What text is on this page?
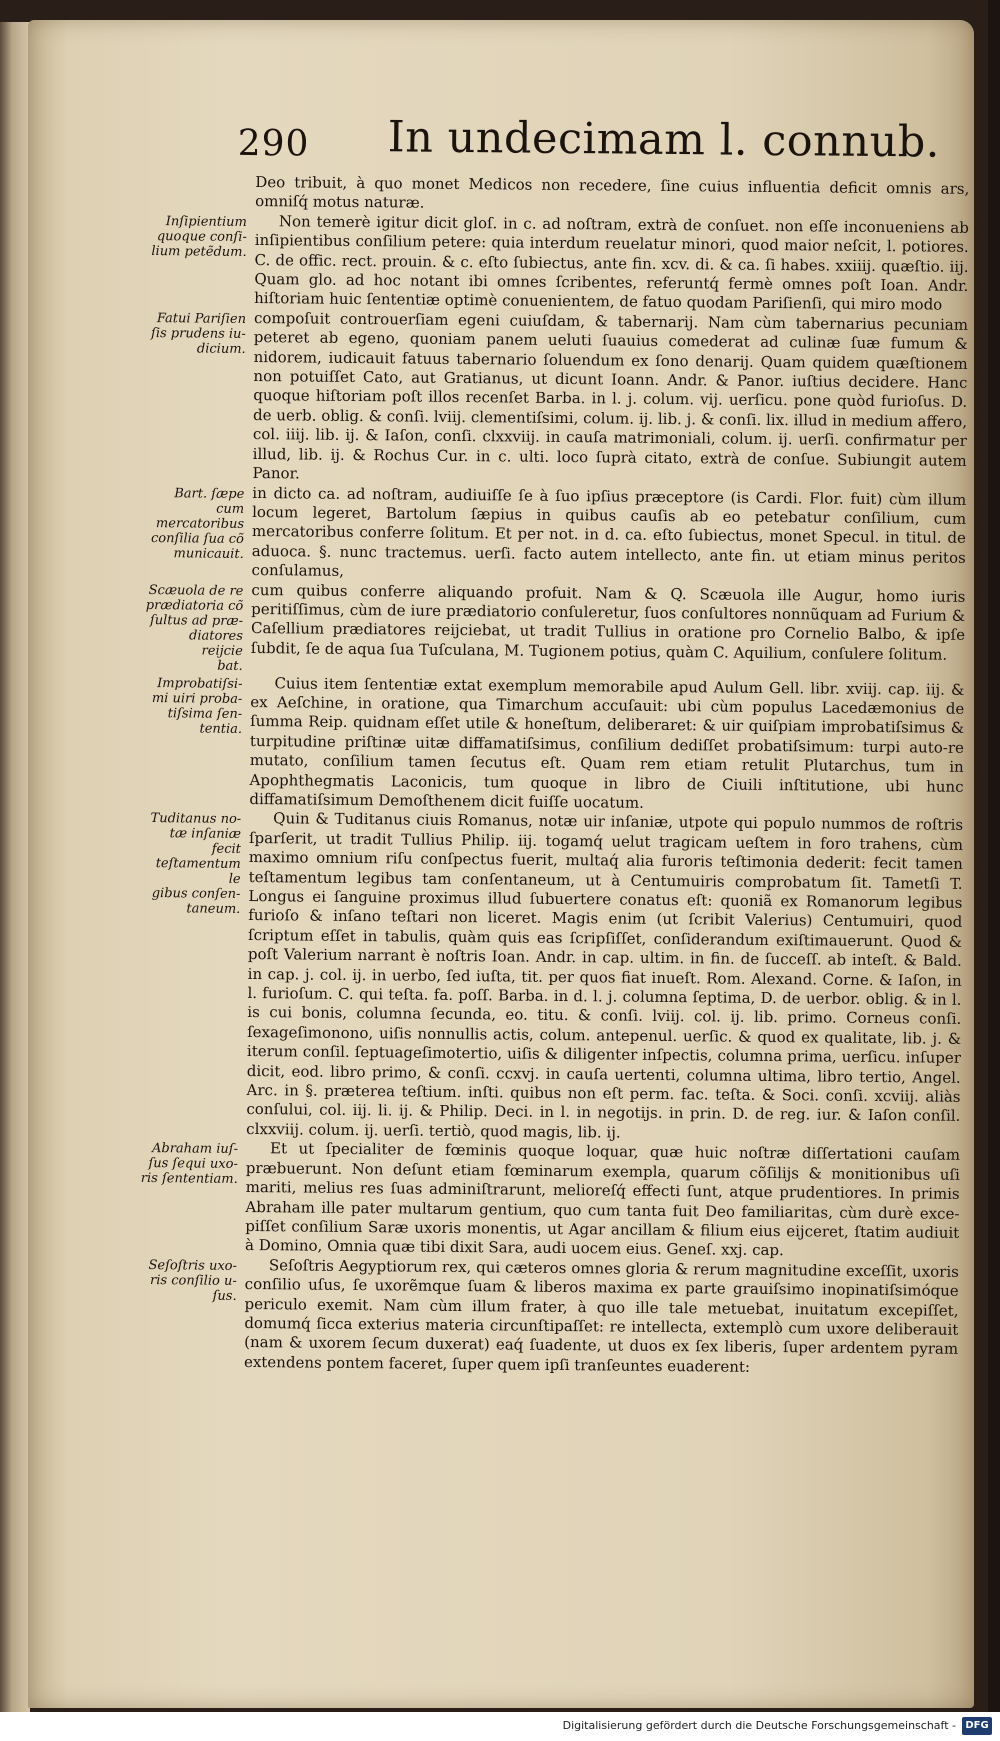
290 In undecimam l. connub.

Deo tribuit, à quo monet Medicos non recedere, ſine cuius influentia deficit omnis ars, omniſq́ motus naturæ.

Inſipientium
quoque conſi-
lium petẽdum.

Non temerè igitur dicit gloſ. in c. ad noſtram, extrà de conſuet. non eſſe inconueniens ab inſipientibus conſilium petere: quia interdum reuelatur minori, quod maior neſcit, l. potiores. C. de offic. rect. prouin. & c. eſto ſubiectus, ante fin. xcv. di. & ca. ſi habes. xxiiij. quæſtio. iij. Quam glo. ad hoc notant ibi omnes ſcribentes, referuntq́ fermè omnes poſt Ioan. Andr. hiſtoriam huic ſententiæ optimè conuenientem, de fatuo quodam Pariſienſi, qui miro modo

Fatui Pariſien
ſis prudens iu-
dicium.

compoſuit controuerſiam egeni cuiuſdam, & tabernarij. Nam cùm tabernarius pecuniam peteret ab egeno, quoniam panem ueluti ſuauius comederat ad culinæ ſuæ fumum & nidorem, iudicauit fatuus tabernario ſoluendum ex ſono denarij. Quam quidem quæſtionem non potuiſſet Cato, aut Gratianus, ut dicunt Ioann. Andr. & Panor. iuſtius decidere. Hanc quoque hiſtoriam poſt illos recenſet Barba. in l. j. colum. vij. uerſicu. pone quòd furioſus. D. de uerb. oblig. & conſi. lviij. clementiſsimi, colum. ij. lib. j. & conſi. lix. illud in medium affero, col. iiij. lib. ij. & Iaſon, conſi. clxxviij. in cauſa matrimoniali, colum. ij. uerſi. confirmatur per illud, lib. ij. & Rochus Cur. in c. ulti. loco ſuprà citato, extrà de conſue. Subiungit autem Panor.

Bart. ſæpe cum
mercatoribus
conſilia ſua cõ
municauit.

in dicto ca. ad noſtram, audiuiſſe ſe à ſuo ipſius præceptore (is Cardi. Flor. fuit) cùm illum locum legeret, Bartolum ſæpius in quibus cauſis ab eo petebatur conſilium, cum mercatoribus conferre ſolitum. Et per not. in d. ca. eſto ſubiectus, monet Specul. in titul. de aduoca. §. nunc tractemus. uerſi. facto autem intellecto, ante fin. ut etiam minus peritos conſulamus,

Scæuola de re
prædiatoria cõ
ſultus ad præ-
diatores reijcie
bat.

cum quibus conferre aliquando profuit. Nam & Q. Scæuola ille Augur, homo iuris peritiſſimus, cùm de iure prædiatorio conſuleretur, ſuos conſultores nonnũquam ad Furium & Caſellium prædiatores reijciebat, ut tradit Tullius in oratione pro Cornelio Balbo, & ipſe ſubdit, ſe de aqua ſua Tuſculana, M. Tugionem potius, quàm C. Aquilium, conſulere ſolitum.

Improbatiſsi-
mi uiri proba-
tiſsima ſen-
tentia.

Cuius item ſententiæ extat exemplum memorabile apud Aulum Gell. libr. xviij. cap. iij. & ex Aeſchine, in oratione, qua Timarchum accuſauit: ubi cùm populus Lacedæmonius de ſumma Reip. quidnam eſſet utile & honeſtum, deliberaret: & uir quiſpiam improbatiſsimus & turpitudine priſtinæ uitæ diffamatiſsimus, conſilium dediſſet probatiſsimum: turpi auto-re mutato, conſilium tamen ſecutus eſt. Quam rem etiam retulit Plutarchus, tum in Apophthegmatis Laconicis, tum quoque in libro de Ciuili inſtitutione, ubi hunc diffamatiſsimum Demoſthenem dicit fuiſſe uocatum.

Tuditanus no-
tæ inſaniæ fecit
teſtamentum le
gibus conſen-
taneum.

Quin & Tuditanus ciuis Romanus, notæ uir inſaniæ, utpote qui populo nummos de roſtris ſparſerit, ut tradit Tullius Philip. iij. togamq́ uelut tragicam ueſtem in foro trahens, cùm maximo omnium riſu conſpectus fuerit, multaq́ alia furoris teſtimonia dederit: fecit tamen teſtamentum legibus tam conſentaneum, ut à Centumuiris comprobatum ſit. Tametſi T. Longus ei ſanguine proximus illud ſubuertere conatus eſt: quoniã ex Romanorum legibus furioſo & inſano teſtari non liceret. Magis enim (ut ſcribit Valerius) Centumuiri, quod ſcriptum eſſet in tabulis, quàm quis eas ſcripſiſſet, conſiderandum exiſtimauerunt. Quod & poſt Valerium narrant è noſtris Ioan. Andr. in cap. ultim. in fin. de ſucceſſ. ab inteſt. & Bald. in cap. j. col. ij. in uerbo, ſed iuſta, tit. per quos fiat inueſt. Rom. Alexand. Corne. & Iaſon, in l. furioſum. C. qui teſta. fa. poſſ. Barba. in d. l. j. columna ſeptima, D. de uerbor. oblig. & in l. is cui bonis, columna ſecunda, eo. titu. & conſi. lviij. col. ij. lib. primo. Corneus conſi. ſexageſimonono, uiſis nonnullis actis, colum. antepenul. uerſic. & quod ex qualitate, lib. j. & iterum conſil. ſeptuageſimotertio, uiſis & diligenter inſpectis, columna prima, uerſicu. inſuper dicit, eod. libro primo, & conſi. ccxvj. in cauſa uertenti, columna ultima, libro tertio, Angel. Arc. in §. præterea teſtium. inſti. quibus non eſt perm. fac. teſta. & Soci. conſi. xcviij. aliàs conſului, col. iij. li. ij. & Philip. Deci. in l. in negotijs. in prin. D. de reg. iur. & Iaſon conſil. clxxviij. colum. ij. uerſi. tertiò, quod magis, lib. ij.

Abraham iuſ-
ſus ſequi uxo-
ris ſententiam.

Et ut ſpecialiter de fœminis quoque loquar, quæ huic noſtræ diſſertationi cauſam præbuerunt. Non deſunt etiam fœminarum exempla, quarum cõſilijs & monitionibus uſi mariti, melius res ſuas adminiſtrarunt, melioreſq́ effecti ſunt, atque prudentiores. In primis Abraham ille pater multarum gentium, quo cum tanta fuit Deo familiaritas, cùm durè exce-piſſet conſilium Saræ uxoris monentis, ut Agar ancillam & filium eius eijceret, ſtatim audiuit à Domino, Omnia quæ tibi dixit Sara, audi uocem eius. Geneſ. xxj. cap.

Seſoſtris uxo-
ris conſilio u-
ſus.

Seſoſtris Aegyptiorum rex, qui cæteros omnes gloria & rerum magnitudine exceſſit, uxoris conſilio uſus, ſe uxorẽmque ſuam & liberos maxima ex parte grauiſsimo inopinatiſsimóque periculo exemit. Nam cùm illum frater, à quo ille tale metuebat, inuitatum excepiſſet, domumq́ ſicca exterius materia circunſtipaſſet: re intellecta, extemplò cum uxore deliberauit (nam & uxorem ſecum duxerat) eaq́ ſuadente, ut duos ex ſex liberis, ſuper ardentem pyram extendens pontem faceret, ſuper quem ipſi tranſeuntes euaderent:

Digitalisierung gefördert durch die Deutsche Forschungsgemeinschaft - DFG
